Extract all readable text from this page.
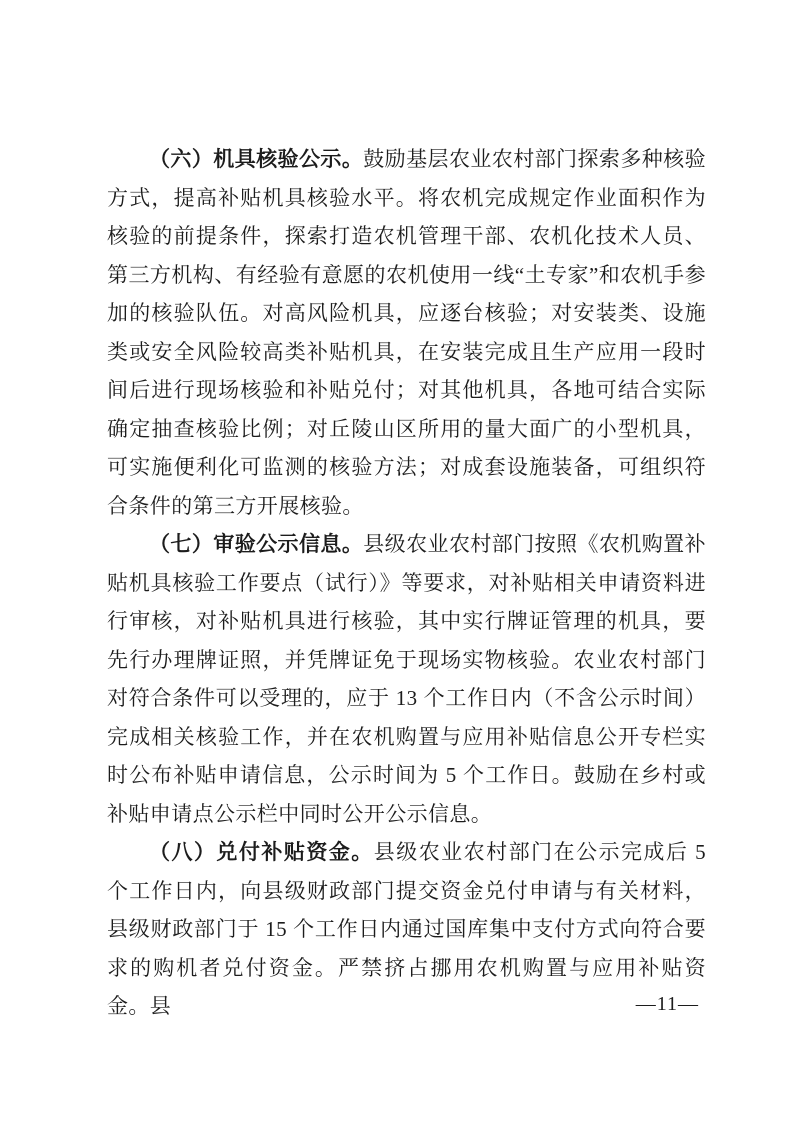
（六）机具核验公示。鼓励基层农业农村部门探索多种核验方式，提高补贴机具核验水平。将农机完成规定作业面积作为核验的前提条件，探索打造农机管理干部、农机化技术人员、第三方机构、有经验有意愿的农机使用一线“土专家”和农机手参加的核验队伍。对高风险机具，应逐台核验；对安装类、设施类或安全风险较高类补贴机具，在安装完成且生产应用一段时间后进行现场核验和补贴兑付；对其他机具，各地可结合实际确定抽查核验比例；对丘陵山区所用的量大面广的小型机具，可实施便利化可监测的核验方法；对成套设施装备，可组织符合条件的第三方开展核验。

（七）审验公示信息。县级农业农村部门按照《农机购置补贴机具核验工作要点（试行）》等要求，对补贴相关申请资料进行审核，对补贴机具进行核验，其中实行牌证管理的机具，要先行办理牌证照，并凭牌证免于现场实物核验。农业农村部门对符合条件可以受理的，应于 13 个工作日内（不含公示时间）完成相关核验工作，并在农机购置与应用补贴信息公开专栏实时公布补贴申请信息，公示时间为 5 个工作日。鼓励在乡村或补贴申请点公示栏中同时公开公示信息。

（八）兑付补贴资金。县级农业农村部门在公示完成后 5 个工作日内，向县级财政部门提交资金兑付申请与有关材料，县级财政部门于 15 个工作日内通过国库集中支付方式向符合要求的购机者兑付资金。严禁挤占挪用农机购置与应用补贴资金。县	—11—
